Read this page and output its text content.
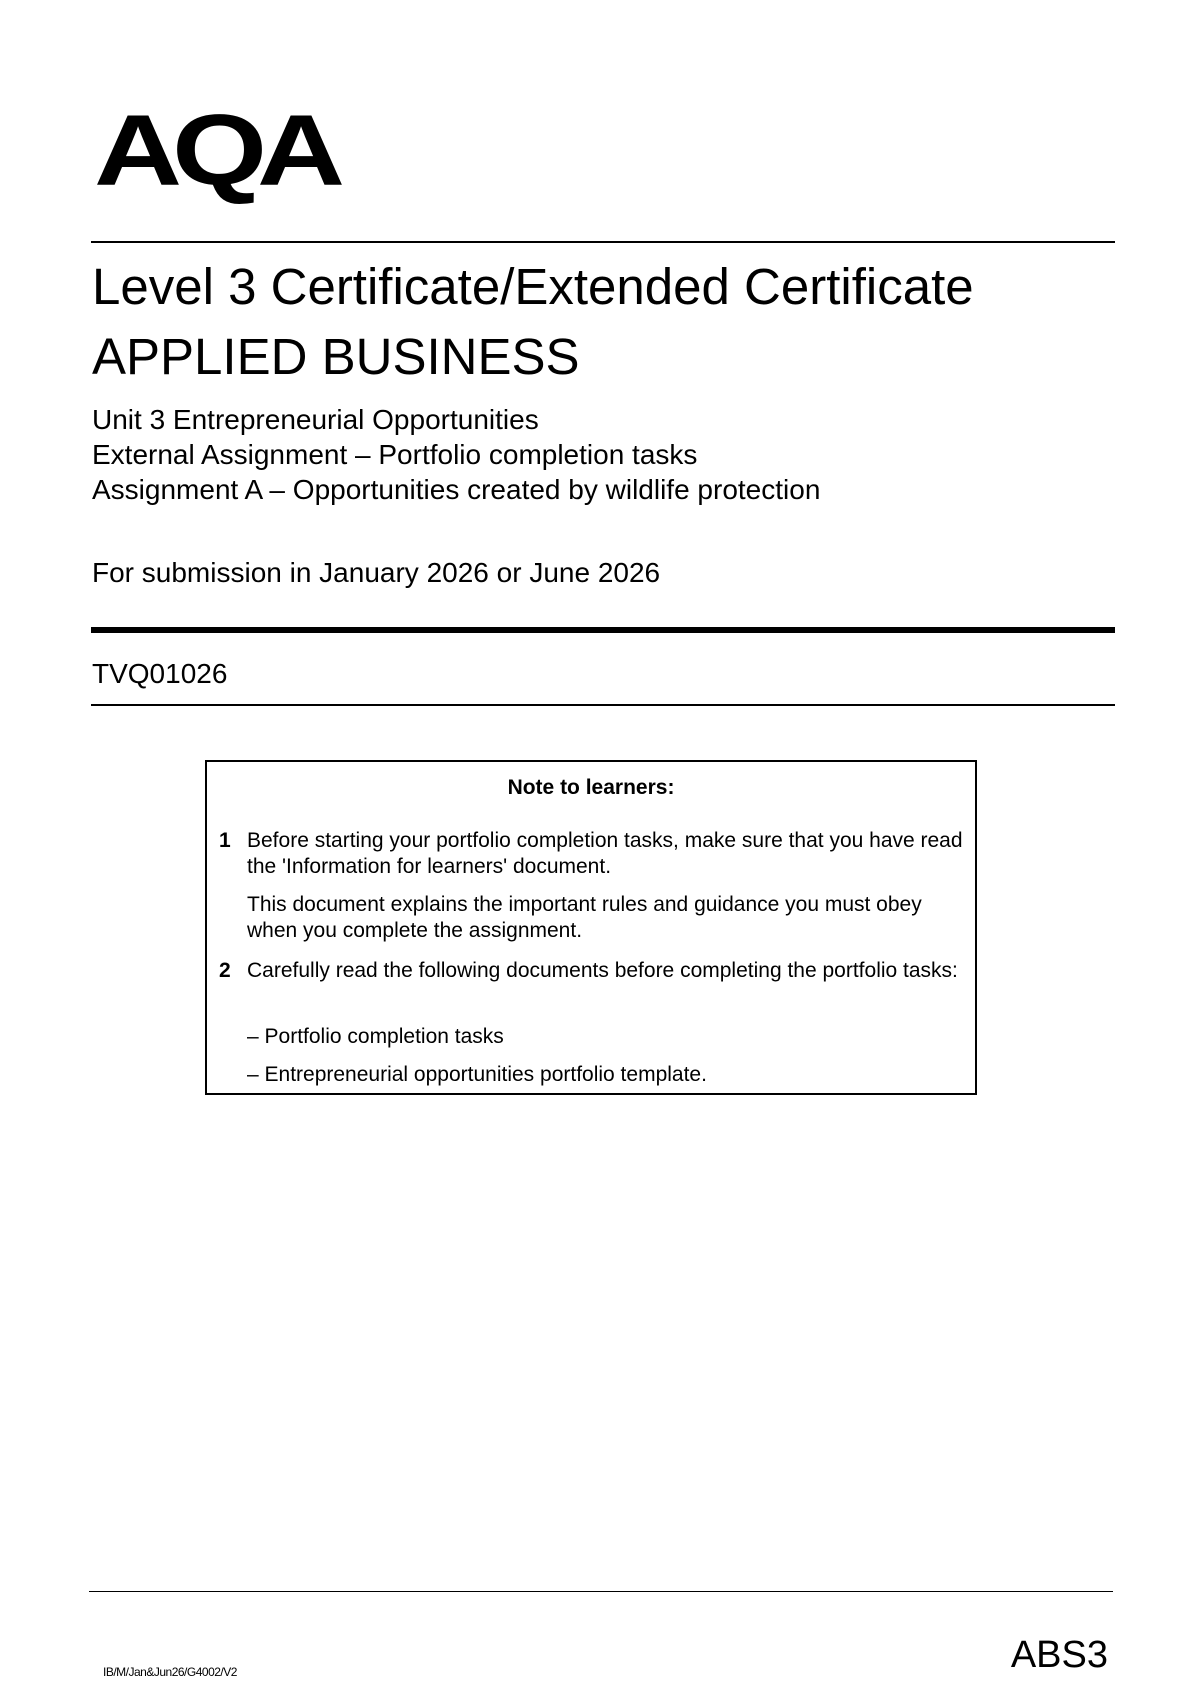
AQA
Level 3 Certificate/Extended Certificate
APPLIED BUSINESS
Unit 3 Entrepreneurial Opportunities
External Assignment – Portfolio completion tasks
Assignment A – Opportunities created by wildlife protection
For submission in January 2026 or June 2026
TVQ01026
Note to learners:
1 Before starting your portfolio completion tasks, make sure that you have read the 'Information for learners' document.
This document explains the important rules and guidance you must obey when you complete the assignment.
2 Carefully read the following documents before completing the portfolio tasks:
– Portfolio completion tasks
– Entrepreneurial opportunities portfolio template.
IB/M/Jan&Jun26/G4002/V2	ABS3
